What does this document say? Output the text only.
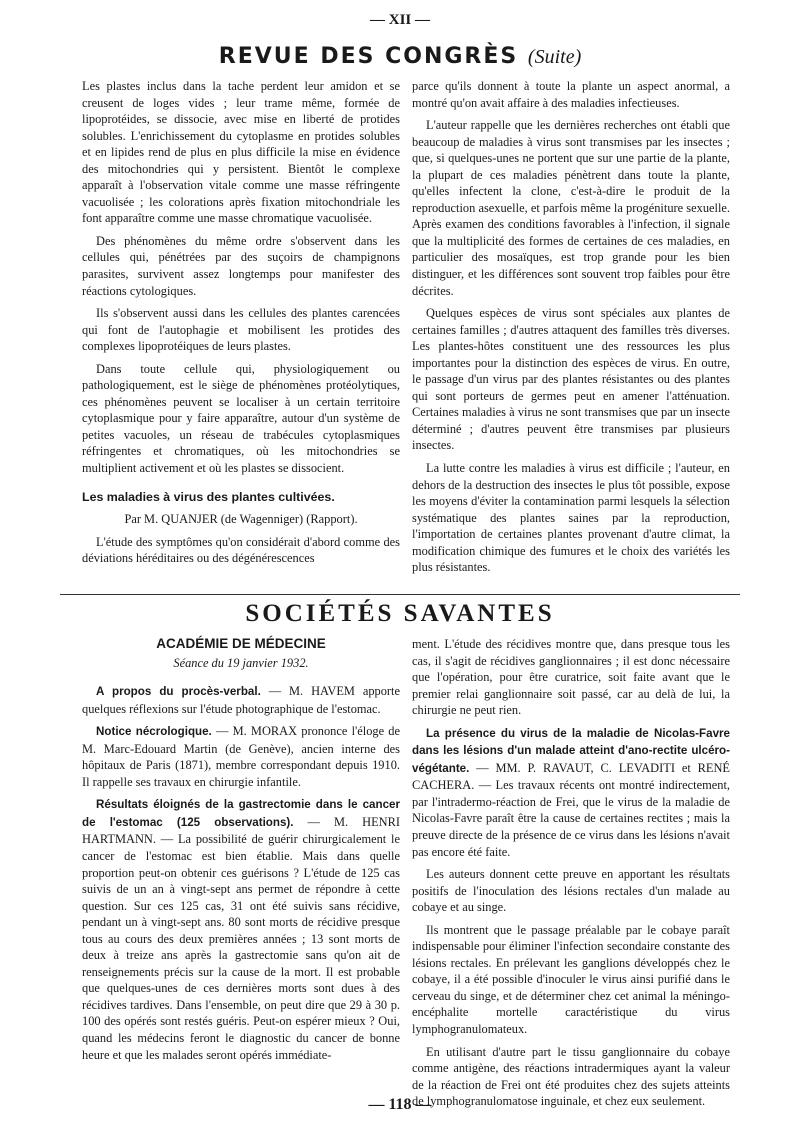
— XII —
REVUE DES CONGRÈS (Suite)

Les plastes inclus dans la tache perdent leur amidon et se creusent de loges vides ; leur trame même, formée de lipoprotéides, se dissocie, avec mise en liberté de protides solubles. L'enrichissement du cytoplasme en protides solubles et en lipides rend de plus en plus difficile la mise en évidence des mitochondries qui y persistent. Bientôt le complexe apparaît à l'observation vitale comme une masse réfringente vacuolisée ; les colorations après fixation mitochondriale les font apparaître comme une masse chromatique vacuolisée.

Des phénomènes du même ordre s'observent dans les cellules qui, pénétrées par des suçoirs de champignons parasites, survivent assez longtemps pour manifester des réactions cytologiques.

Ils s'observent aussi dans les cellules des plantes carencées qui font de l'autophagie et mobilisent les protides des complexes lipoprotéiques de leurs plastes.

Dans toute cellule qui, physiologiquement ou pathologiquement, est le siège de phénomènes protéolytiques, ces phénomènes peuvent se localiser à un certain territoire cytoplasmique pour y faire apparaître, autour d'un système de petites vacuoles, un réseau de trabécules cytoplasmiques réfringentes et chromatiques, où les mitochondries se multiplient activement et où les plastes se dissocient.

Les maladies à virus des plantes cultivées.

Par M. QUANJER (de Wagenniger) (Rapport).

L'étude des symptômes qu'on considérait d'abord comme des déviations héréditaires ou des dégénérescences

parce qu'ils donnent à toute la plante un aspect anormal, a montré qu'on avait affaire à des maladies infectieuses.

L'auteur rappelle que les dernières recherches ont établi que beaucoup de maladies à virus sont transmises par les insectes ; que, si quelques-unes ne portent que sur une partie de la plante, la plupart de ces maladies pénètrent dans toute la plante, qu'elles infectent la clone, c'est-à-dire le produit de la reproduction asexuelle, et parfois même la progéniture sexuelle. Après examen des conditions favorables à l'infection, il signale que la multiplicité des formes de certaines de ces maladies, en particulier des mosaïques, est trop grande pour les bien distinguer, et les différences sont souvent trop faibles pour être décrites.

Quelques espèces de virus sont spéciales aux plantes de certaines familles ; d'autres attaquent des familles très diverses. Les plantes-hôtes constituent une des ressources les plus importantes pour la distinction des espèces de virus. En outre, le passage d'un virus par des plantes résistantes ou des plantes qui sont porteurs de germes peut en amener l'atténuation. Certaines maladies à virus ne sont transmises que par un insecte déterminé ; d'autres peuvent être transmises par plusieurs insectes.

La lutte contre les maladies à virus est difficile ; l'auteur, en dehors de la destruction des insectes le plus tôt possible, expose les moyens d'éviter la contamination parmi lesquels la sélection systématique des plantes saines par la reproduction, l'importation de certaines plantes provenant d'autre climat, la modification chimique des fumures et le choix des variétés les plus résistantes.

SOCIÉTÉS SAVANTES
ACADÉMIE DE MÉDECINE

Séance du 19 janvier 1932.

A propos du procès-verbal. — M. HAVEM apporte quelques réflexions sur l'étude photographique de l'estomac.

Notice nécrologique. — M. MORAX prononce l'éloge de M. Marc-Edouard Martin (de Genève), ancien interne des hôpitaux de Paris (1871), membre correspondant depuis 1910. Il rappelle ses travaux en chirurgie infantile.

Résultats éloignés de la gastrectomie dans le cancer de l'estomac (125 observations). — M. HENRI HARTMANN. — La possibilité de guérir chirurgicalement le cancer de l'estomac est bien établie. Mais dans quelle proportion peut-on obtenir ces guérisons ? L'étude de 125 cas suivis de un an à vingt-sept ans permet de répondre à cette question. Sur ces 125 cas, 31 ont été suivis sans récidive, pendant un à vingt-sept ans. 80 sont morts de récidive presque tous au cours des deux premières années ; 13 sont morts de deux à treize ans après la gastrectomie sans qu'on ait de renseignements précis sur la cause de la mort. Il est probable que quelques-unes de ces dernières morts sont dues à des récidives tardives. Dans l'ensemble, on peut dire que 29 à 30 p. 100 des opérés sont restés guéris. Peut-on espérer mieux ? Oui, quand les médecins feront le diagnostic du cancer de bonne heure et que les malades seront opérés immédiate-

ment. L'étude des récidives montre que, dans presque tous les cas, il s'agit de récidives ganglionnaires ; il est donc nécessaire que l'opération, pour être curatrice, soit faite avant que le premier relai ganglionnaire soit passé, car au delà de lui, la chirurgie ne peut rien.

La présence du virus de la maladie de Nicolas-Favre dans les lésions d'un malade atteint d'ano-rectite ulcéro-végétante. — MM. P. RAVAUT, C. LEVADITI et RENÉ CACHERA. — Les travaux récents ont montré indirectement, par l'intradermo-réaction de Frei, que le virus de la maladie de Nicolas-Favre paraît être la cause de certaines rectites ; mais la preuve directe de la présence de ce virus dans les lésions n'avait pas encore été faite.

Les auteurs donnent cette preuve en apportant les résultats positifs de l'inoculation des lésions rectales d'un malade au cobaye et au singe.

Ils montrent que le passage préalable par le cobaye paraît indispensable pour éliminer l'infection secondaire constante des lésions rectales. En prélevant les ganglions développés chez le cobaye, il a été possible d'inoculer le virus ainsi purifié dans le cerveau du singe, et de déterminer chez cet animal la méningo-encéphalite mortelle caractéristique du virus lymphogranulomateux.

En utilisant d'autre part le tissu ganglionnaire du cobaye comme antigène, des réactions intradermiques ayant la valeur de la réaction de Frei ont été produites chez des sujets atteints de lymphogranulomatose inguinale, et chez eux seulement.

— 118 —
